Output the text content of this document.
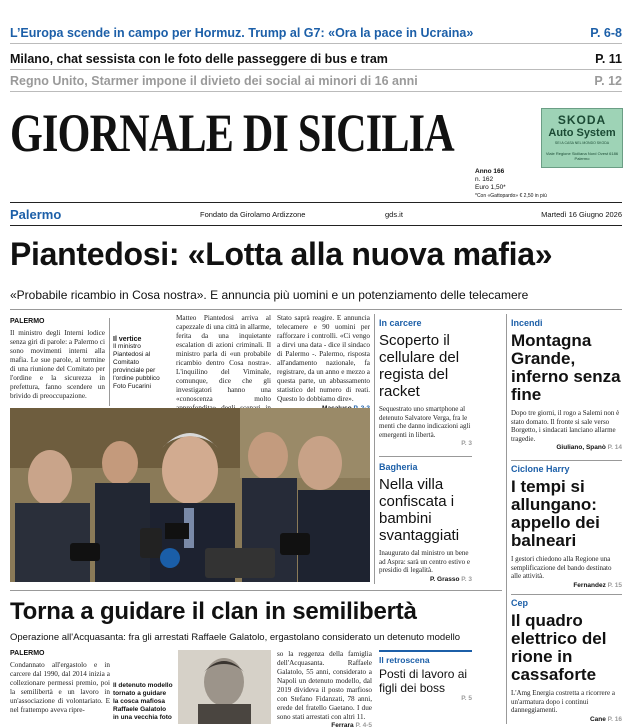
L’Europa scende in campo per Hormuz. Trump al G7: «Ora la pace in Ucraina»	P. 6-8
Milano, chat sessista con le foto delle passeggere di bus e tram	P. 11
Regno Unito, Starmer impone il divieto dei social ai minori di 16 anni	P. 12
GIORNALE DI SICILIA	SKODA
Auto System
SEI A CASA NEL MONDO SKODA
Viale Regione Siciliana Nord Ovest 6186 Palermo
Anno 166
n. 162
Euro 1,50*
*Con «Gattopardo» € 2,50 in più
Palermo	Fondato da Girolamo Ardizzone	gds.it	Martedì 16 Giugno 2026
Piantedosi: «Lotta alla nuova mafia»
«Probabile ricambio in Cosa nostra». E annuncia più uomini e un potenziamento delle telecamere
PALERMO
Il ministro degli Interni lodice senza giri di parole: a Palermo ci sono movimenti interni alla mafia. Le sue parole, al termine di una riunione del Comitato per l'ordine e la sicurezza in prefettura, fanno scendere un brivido di preoccupazione.
Il vertice
Il ministro Piantedosi al Comitato provinciale per l'ordine pubblico Foto Fucarini
Matteo Piantedosi arriva al capezzale di una città in allarme, ferita da una inquietante escalation di azioni criminali. Il ministro parla di «un probabile ricambio dentro Cosa nostra». L'inquilino del Viminale, comunque, dice che gli investigatori hanno una «conoscenza molto
Stato saprà reagire. E annuncia telecamere e 90 uomini per rafforzare i controlli. «Ci vengo a dirvi una data - dice il sindaco di Palermo -. Palermo, risposta all'andamento nazionale, fa registrare, da un anno e mezzo a questa parte, un abbassamento statistico del numero di reati. Questo lo dobbiamo dire».
In carcere
Scoperto il cellulare del regista del racket
Sequestrato uno smartphone al detenuto Salvatore Verga, fra le menti che danno indicazioni agli emergenti in libertà.
P. 3
Bagheria
Nella villa confiscata i bambini svantaggiati
Inaugurato dal ministro un bene ad Aspra: sarà un centro estivo e presidio di legalità.
P. Grasso P. 3
Incendi
Montagna Grande, inferno senza fine
Dopo tre giorni, il rogo a Salemi non è stato domato. Il fronte si sale verso Borgetto, i sindacati lanciano allarme tragedie.
Giuliano, Spanò P. 14
Ciclone Harry
I tempi si allungano: appello dei balneari
I gestori chiedono alla Regione una semplificazione del bando destinato alle attività.
Fernandez P. 15
Cep
Il quadro elettrico del rione in cassaforte
L'Amg Energia costretta a ricorrere a un'armatura dopo i continui danneggiamenti.
Cane P. 16
Torna a guidare il clan in semilibertà
Operazione all'Acquasanta: fra gli arrestati Raffaele Galatolo, ergastolano considerato un detenuto modello
PALERMO
Condannato all'ergastolo e in carcere dal 1990, dal 2014 inizia a collezionare permessi premio, poi la semilibertà e un lavoro in un'associazione di volontariato. E nel frattempo aveva ripre-
Il detenuto modello tornato a guidare la cosca mafiosa Raffaele Galatolo in una vecchia foto
so la reggenza della famiglia dell'Acquasanta. Raffaele Galatolo, 55 anni, considerato a Napoli un detenuto modello, dal 2019 divideva il posto marfioso con Stefano Fidanzati, 78 anni, erede del fratello Gaetano. I due sono stati arrestati con altri 11.
Ferrara P. 4-5
Il retroscena
Posti di lavoro ai figli dei boss
P. 5
